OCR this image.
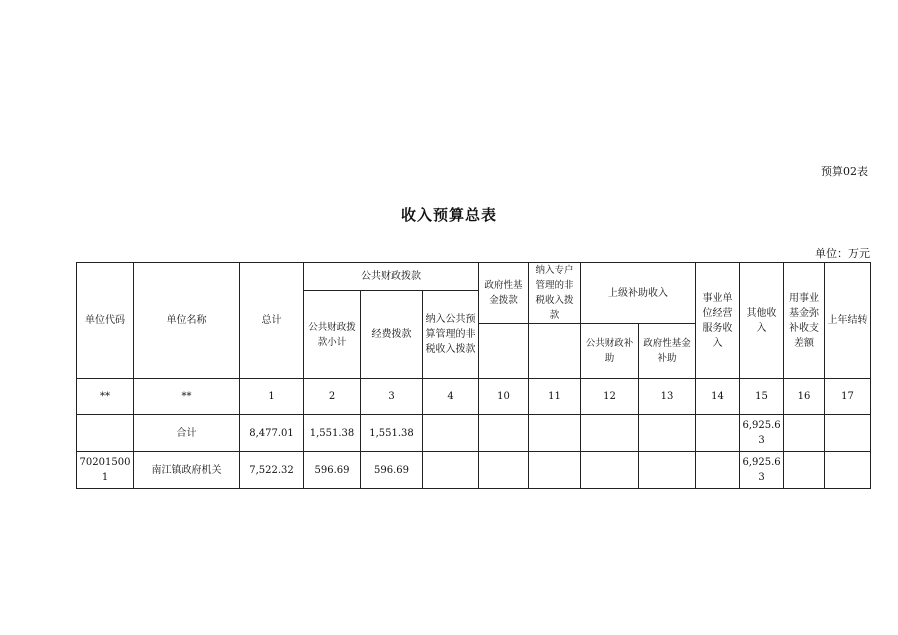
预算02表
收入预算总表
单位：万元
单位代码	单位名称	总计	公共财政拨款			政府性基金拨款	纳入专户管理的非税收入拨款	上级补助收入		事业单位经营服务收入	其他收入	用事业基金弥补收支差额	上年结转
			公共财政拨款小计	经费拨款	纳入公共预算管理的非税收入拨款								
								公共财政补助	政府性基金补助				
**	**	1	2	3	4	10	11	12	13	14	15	16	17
	合计	8,477.01	1,551.38	1,551.38							6,925.63		
702015001	南江镇政府机关	7,522.32	596.69	596.69							6,925.63		
